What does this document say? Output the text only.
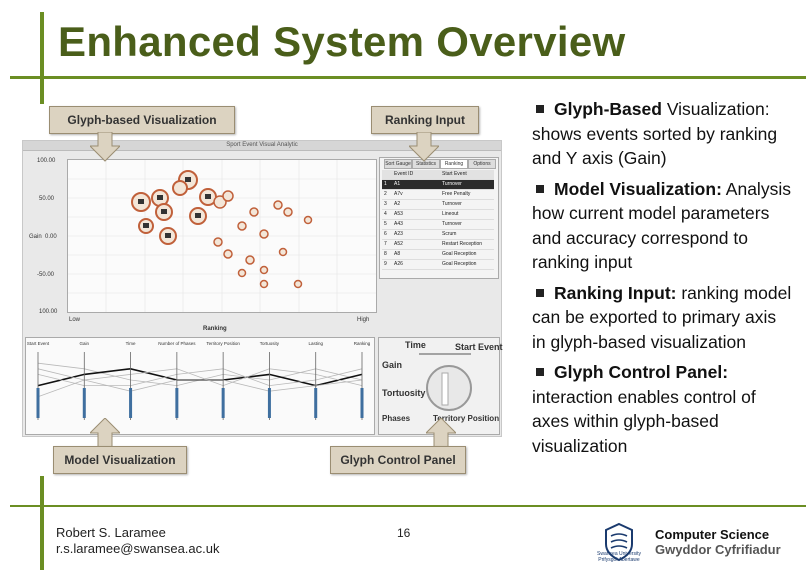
Enhanced System Overview
Sport Event Visual Analytic
100.00
50.00
Gain 0.00
-50.00
100.00
Low	High
Ranking
Sort Gauge	Statistics	Ranking	Options
Event ID	Start Event
1 A1	Turnover
2 A7v	Free Penalty
3 A2	Turnover
4 A53	Lineout
5 A43	Turnover
6 A23	Scrum
7 A52	Restart Reception
8 A8	Goal Reception
9 A26	Goal Reception
Start Event	Gain	Time	Number of Phases Territory Position	Tortuosity	Lasting	Ranking	Time	Start Event
Gain
Tortuosity
Phases	Territory Position
Glyph-based Visualization	Ranking Input
Model Visualization	Glyph Control Panel
Glyph-Based Visualization: shows events sorted by ranking and Y axis (Gain)
Model Visualization: Analysis how current model parameters and accuracy correspond to ranking input
Ranking Input: ranking model can be exported to primary axis in glyph-based visualization
Glyph Control Panel: interaction enables control of axes within glyph-based visualization
Robert S. Laramee
r.s.laramee@swansea.ac.uk
16
Swansea University Prifysgol Abertawe
Computer Science
Gwyddor Cyfrifiadur
